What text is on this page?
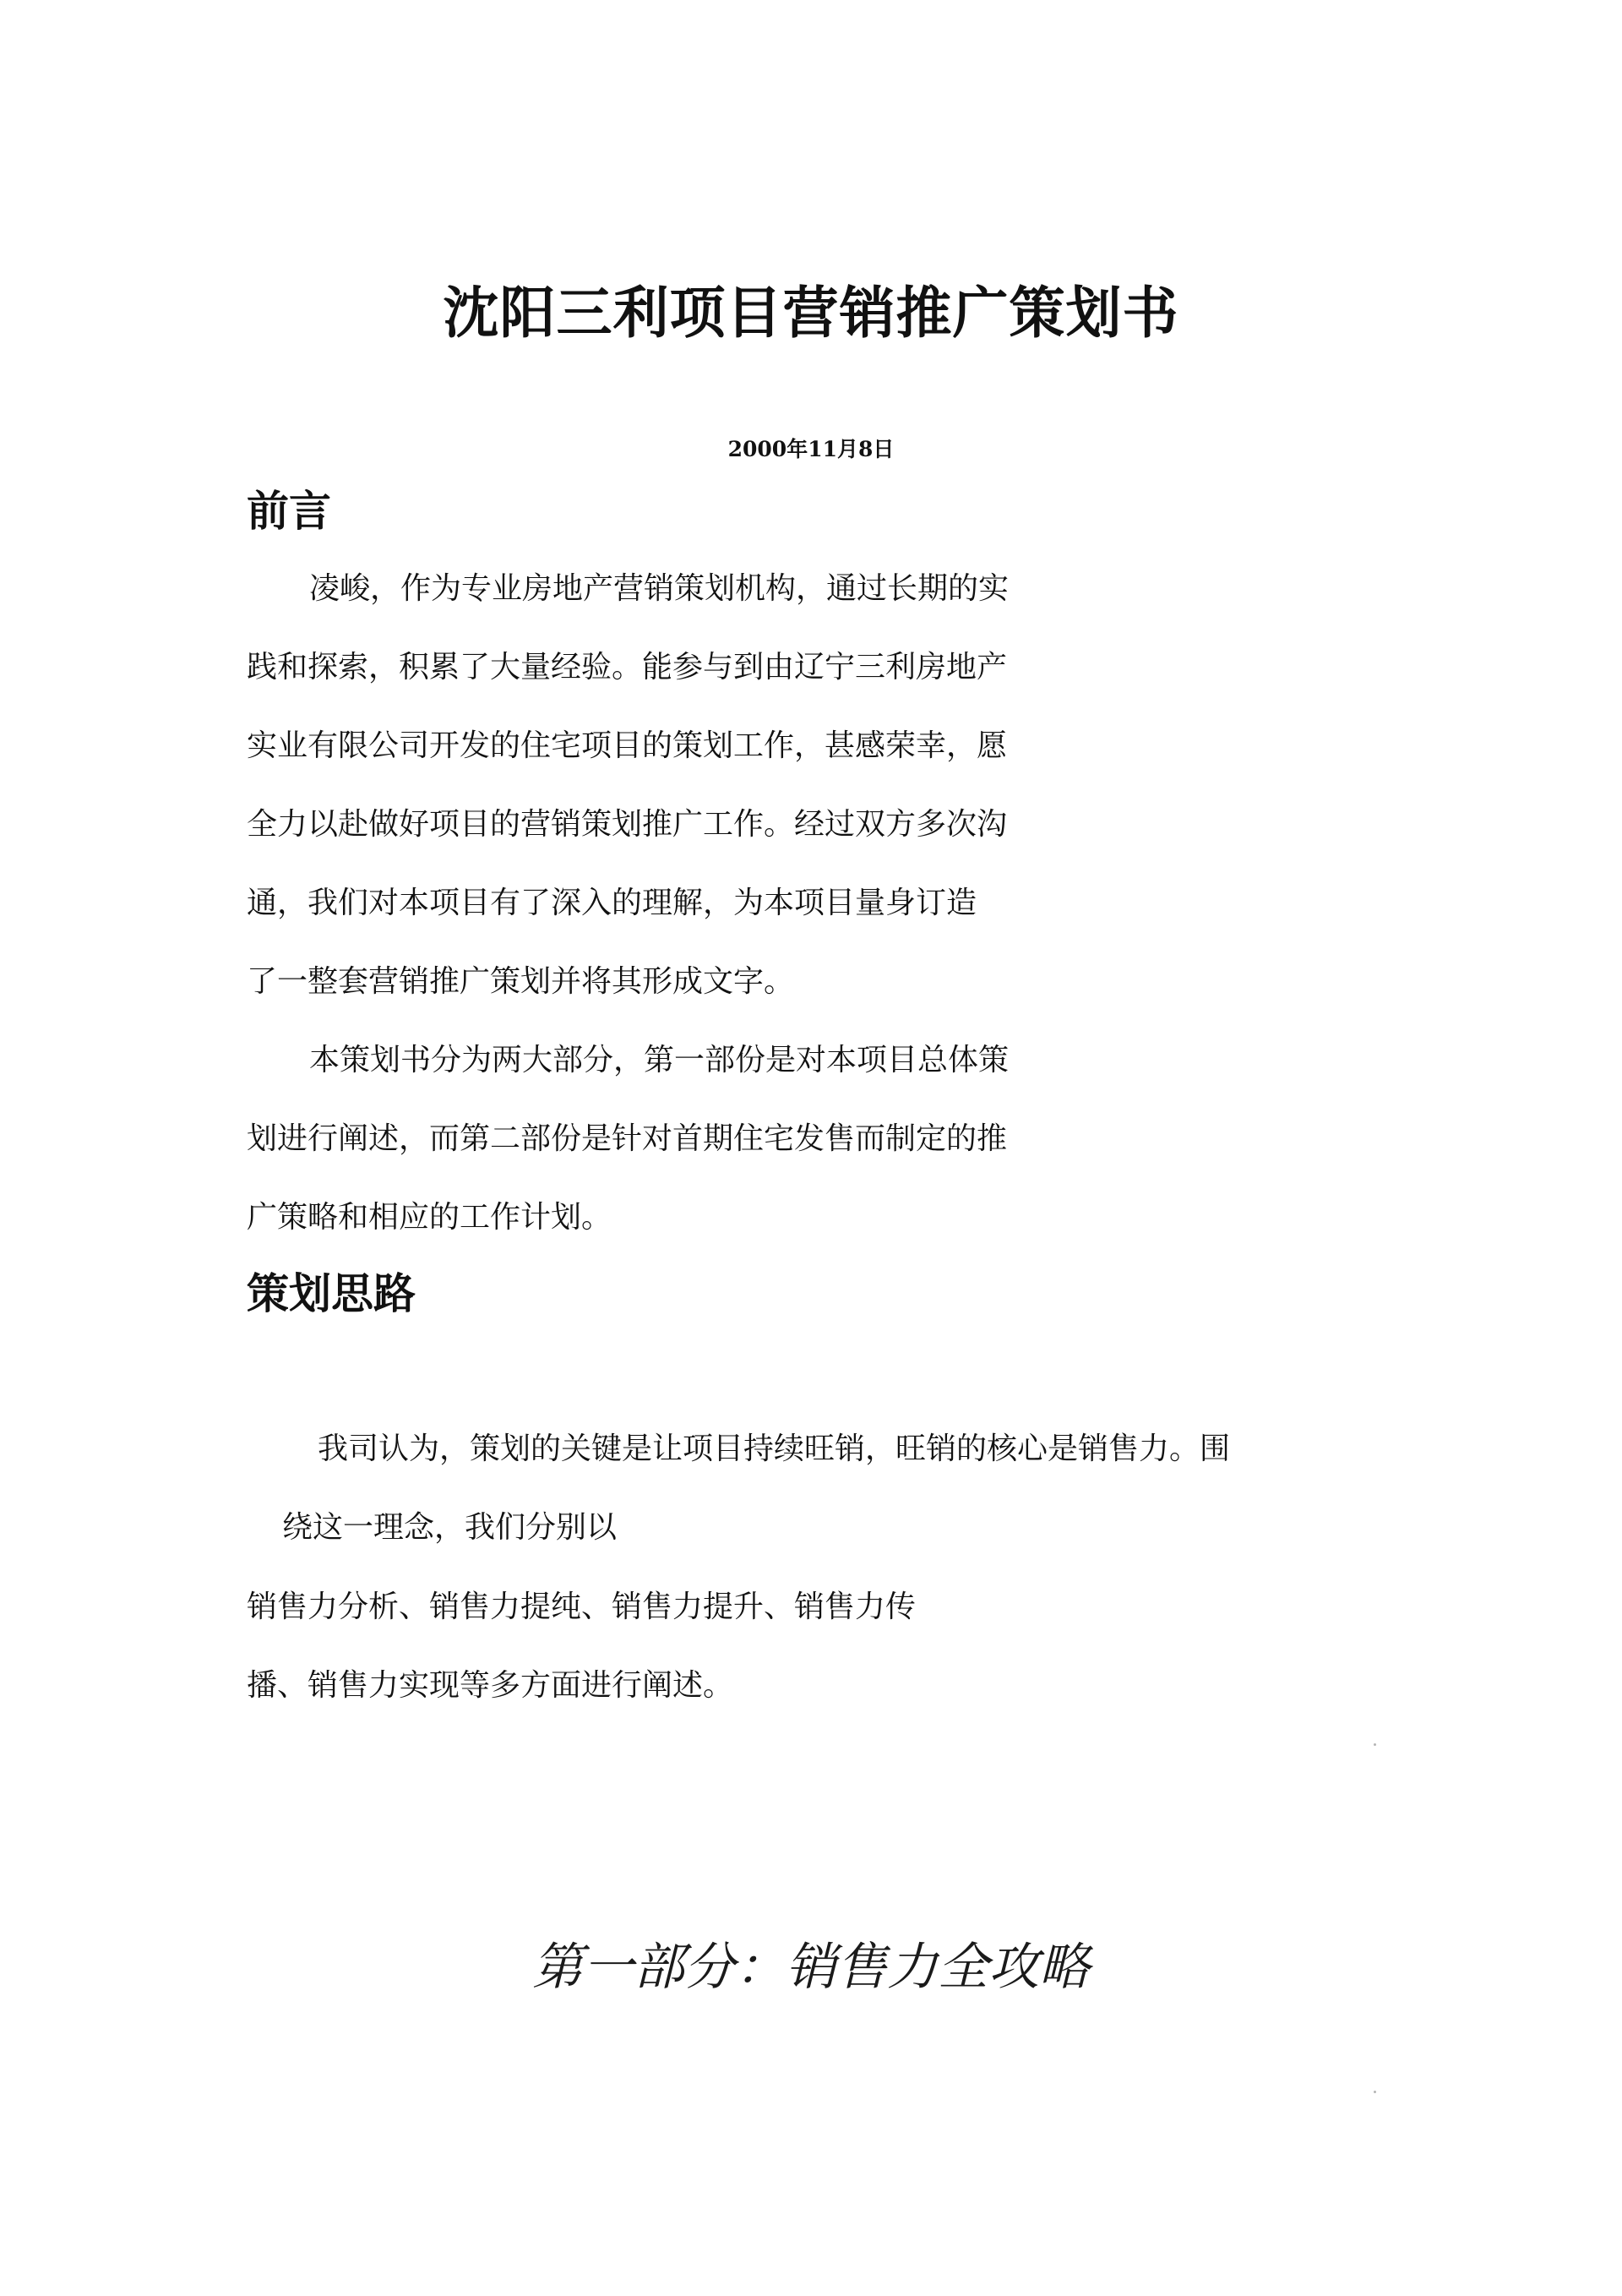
沈阳三利项目营销推广策划书
2000年11月8日
前言

凌峻，作为专业房地产营销策划机构，通过长期的实

践和探索，积累了大量经验。能参与到由辽宁三利房地产

实业有限公司开发的住宅项目的策划工作，甚感荣幸，愿

全力以赴做好项目的营销策划推广工作。经过双方多次沟

通，我们对本项目有了深入的理解，为本项目量身订造

了一整套营销推广策划并将其形成文字。

本策划书分为两大部分，第一部份是对本项目总体策

划进行阐述，而第二部份是针对首期住宅发售而制定的推

广策略和相应的工作计划。

策划思路

我司认为，策划的关键是让项目持续旺销，旺销的核心是销售力。围

绕这一理念，我们分别以

销售力分析、销售力提纯、销售力提升、销售力传

播、销售力实现等多方面进行阐述。

第一部分：销售力全攻略
